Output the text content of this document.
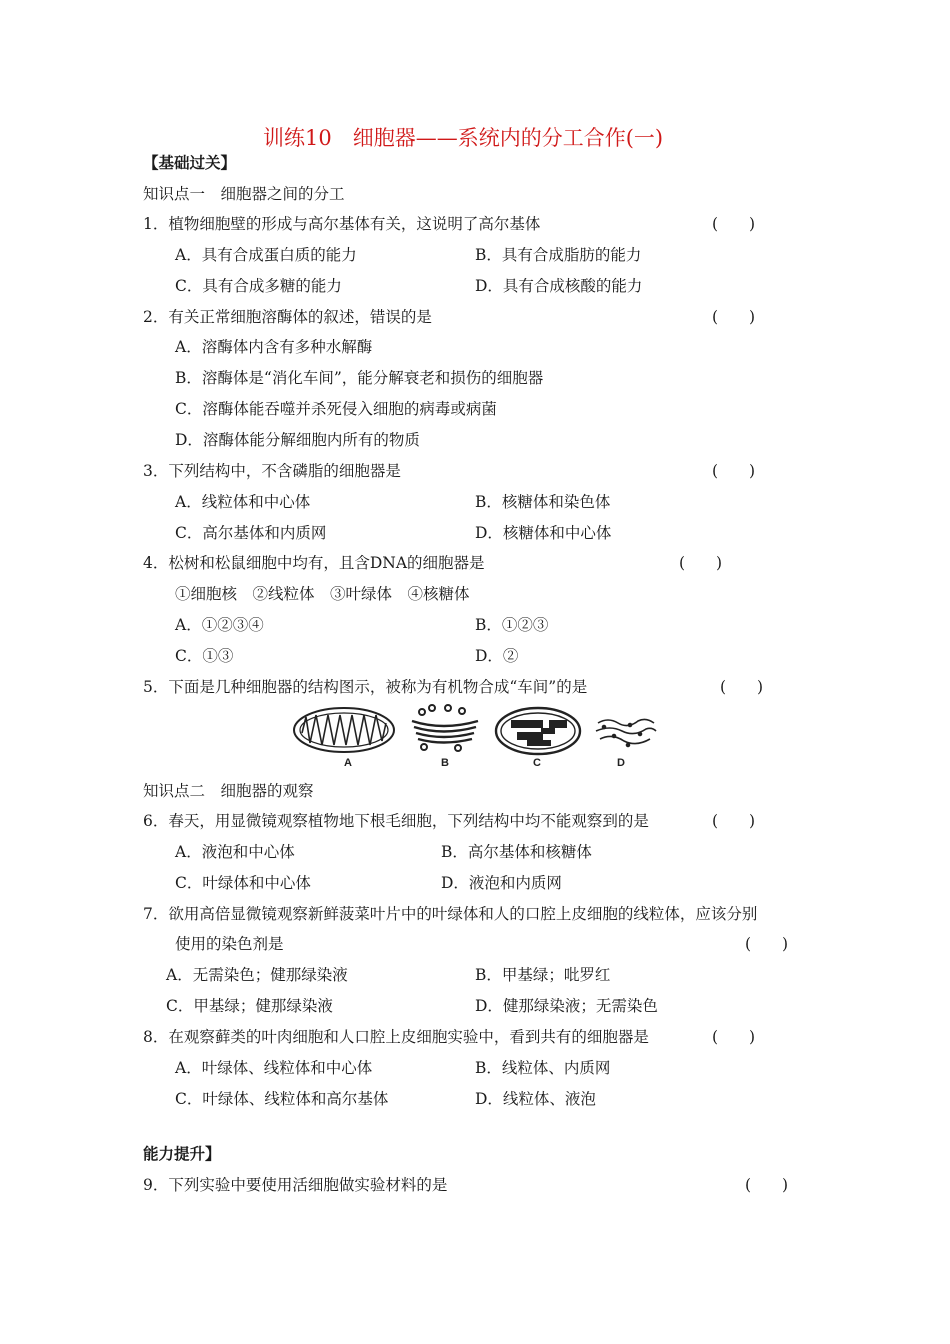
训练10　细胞器——系统内的分工合作(一)
【基础过关】
知识点一　细胞器之间的分工
1．植物细胞壁的形成与高尔基体有关，这说明了高尔基体	(　　)
A．具有合成蛋白质的能力	B．具有合成脂肪的能力
C．具有合成多糖的能力	D．具有合成核酸的能力
2．有关正常细胞溶酶体的叙述，错误的是	(　　)
A．溶酶体内含有多种水解酶
B．溶酶体是“消化车间”，能分解衰老和损伤的细胞器
C．溶酶体能吞噬并杀死侵入细胞的病毒或病菌
D．溶酶体能分解细胞内所有的物质
3．下列结构中，不含磷脂的细胞器是	(　　)
A．线粒体和中心体	B．核糖体和染色体
C．高尔基体和内质网	D．核糖体和中心体
4．松树和松鼠细胞中均有，且含DNA的细胞器是	(　　)
①细胞核　②线粒体　③叶绿体　④核糖体
A．①②③④	B．①②③
C．①③	D．②
5．下面是几种细胞器的结构图示，被称为有机物合成“车间”的是	(　　)
A	B	C	D
知识点二　细胞器的观察
6．春天，用显微镜观察植物地下根毛细胞，下列结构中均不能观察到的是	(　　)
A．液泡和中心体	B．高尔基体和核糖体
C．叶绿体和中心体	D．液泡和内质网
7．欲用高倍显微镜观察新鲜菠菜叶片中的叶绿体和人的口腔上皮细胞的线粒体，应该分别
使用的染色剂是	(　　)
A．无需染色；健那绿染液	B．甲基绿；吡罗红
C．甲基绿；健那绿染液	D．健那绿染液；无需染色
8．在观察藓类的叶肉细胞和人口腔上皮细胞实验中，看到共有的细胞器是	(　　)
A．叶绿体、线粒体和中心体	B．线粒体、内质网
C．叶绿体、线粒体和高尔基体	D．线粒体、液泡
能力提升】
9．下列实验中要使用活细胞做实验材料的是	(　　)
